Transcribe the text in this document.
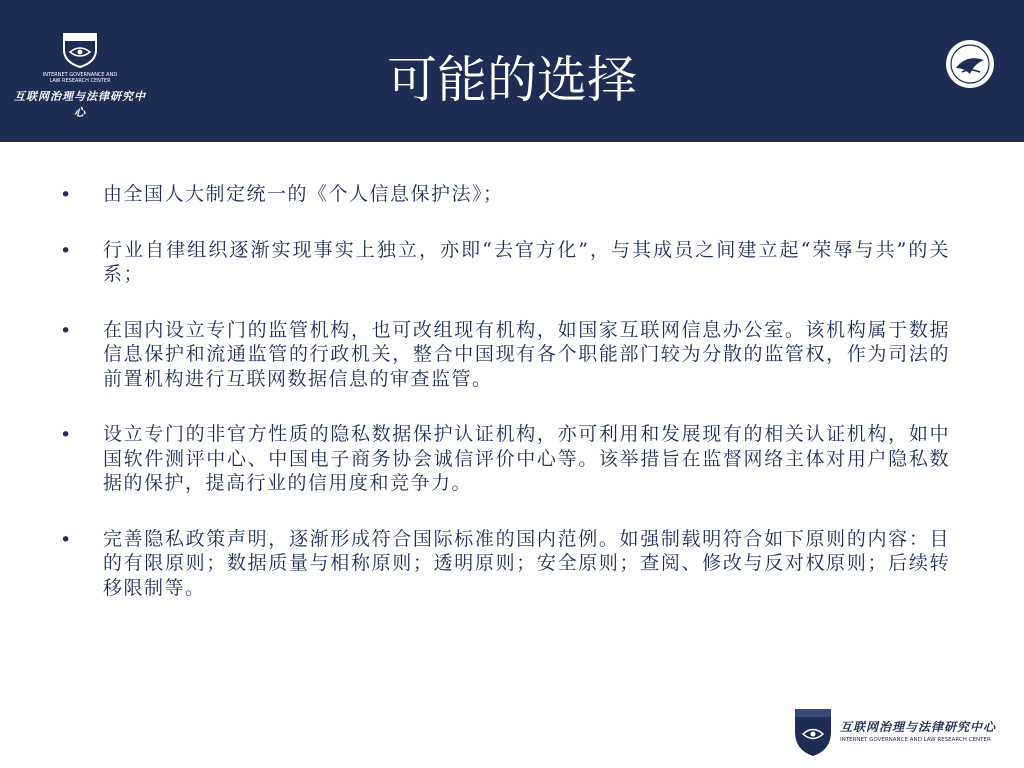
INTERNET GOVERNANCE AND
LAW RESEARCH CENTER
互联网治理与法律研究中心
可能的选择
• 由全国人大制定统一的《个人信息保护法》；
• 行业自律组织逐渐实现事实上独立，亦即“去官方化”，与其成员之间建立起“荣辱与共”的关系；
• 在国内设立专门的监管机构，也可改组现有机构，如国家互联网信息办公室。该机构属于数据信息保护和流通监管的行政机关，整合中国现有各个职能部门较为分散的监管权，作为司法的前置机构进行互联网数据信息的审查监管。
• 设立专门的非官方性质的隐私数据保护认证机构，亦可利用和发展现有的相关认证机构，如中国软件测评中心、中国电子商务协会诚信评价中心等。该举措旨在监督网络主体对用户隐私数据的保护，提高行业的信用度和竞争力。
• 完善隐私政策声明，逐渐形成符合国际标准的国内范例。如强制载明符合如下原则的内容：目的有限原则；数据质量与相称原则；透明原则；安全原则；查阅、修改与反对权原则；后续转移限制等。
互联网治理与法律研究中心
INTERNET GOVERNANCE AND LAW RESEARCH CENTER
